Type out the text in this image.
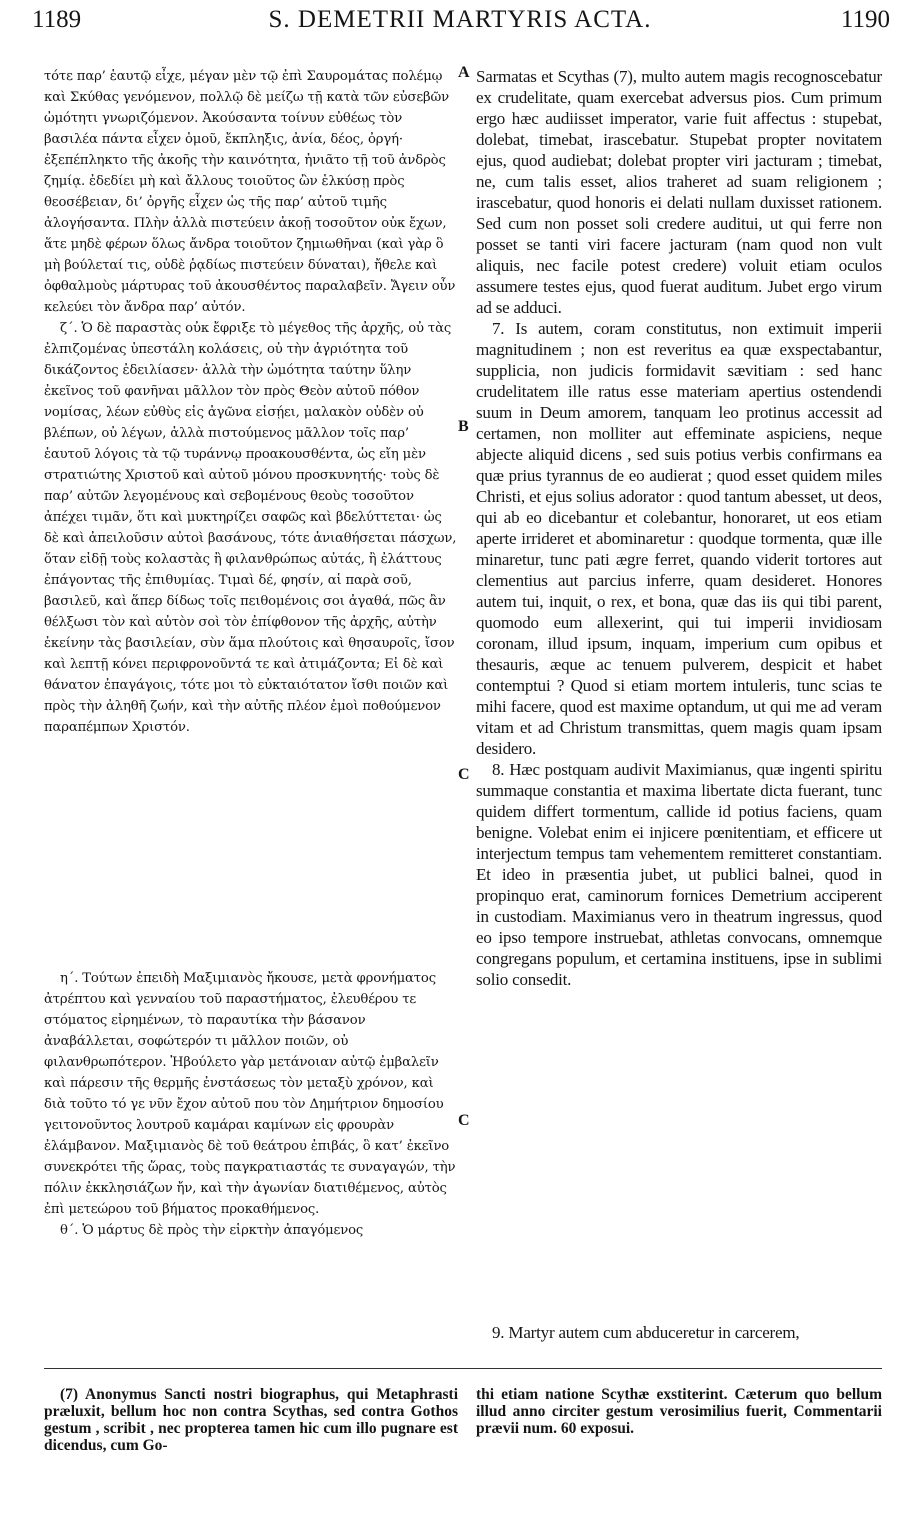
1189	S. DEMETRII MARTYRIS ACTA.	1190
A
B
C
C

τότε παρ’ ἑαυτῷ εἶχε, μέγαν μὲν τῷ ἐπὶ Σαυρομάτας πολέμῳ καὶ Σκύθας γενόμενον, πολλῷ δὲ μείζω τῇ κατὰ τῶν εὐσεβῶν ὠμότητι γνωριζόμενον. Ἀκούσαντα τοίνυν εὐθέως τὸν βασιλέα πάντα εἶχεν ὁμοῦ, ἔκπληξις, ἀνία, δέος, ὀργή· ἐξεπέπληκτο τῆς ἀκοῆς τὴν καινότητα, ἠνιᾶτο τῇ τοῦ ἀνδρὸς ζημίᾳ. ἐδεδίει μὴ καὶ ἄλλους τοιοῦτος ὢν ἑλκύσῃ πρὸς θεοσέβειαν, δι’ ὀργῆς εἶχεν ὡς τῆς παρ’ αὐτοῦ τιμῆς ἀλογήσαντα. Πλὴν ἀλλὰ πιστεύειν ἀκοῇ τοσοῦτον οὐκ ἔχων, ἅτε μηδὲ φέρων ὅλως ἄνδρα τοιοῦτον ζημιωθῆναι (καὶ γὰρ ὃ μὴ βούλεταί τις, οὐδὲ ῥᾳδίως πιστεύειν δύναται), ἤθελε καὶ ὀφθαλμοὺς μάρτυρας τοῦ ἀκουσθέντος παραλαβεῖν. Ἄγειν οὖν κελεύει τὸν ἄνδρα παρ’ αὐτόν.

ζ΄. Ὁ δὲ παραστὰς οὐκ ἔφριξε τὸ μέγεθος τῆς ἀρχῆς, οὐ τὰς ἐλπιζομένας ὑπεστάλη κολάσεις, οὐ τὴν ἀγριότητα τοῦ δικάζοντος ἐδειλίασεν· ἀλλὰ τὴν ὠμότητα ταύτην ὕλην ἐκεῖνος τοῦ φανῆναι μᾶλλον τὸν πρὸς Θεὸν αὐτοῦ πόθον νομίσας, λέων εὐθὺς εἰς ἀγῶνα εἰσῄει, μαλακὸν οὐδὲν οὐ βλέπων, οὐ λέγων, ἀλλὰ πιστούμενος μᾶλλον τοῖς παρ’ ἑαυτοῦ λόγοις τὰ τῷ τυράννῳ προακουσθέντα, ὡς εἴη μὲν στρατιώτης Χριστοῦ καὶ αὐτοῦ μόνου προσκυνητής· τοὺς δὲ παρ’ αὐτῶν λεγομένους καὶ σεβομένους θεοὺς τοσοῦτον ἀπέχει τιμᾶν, ὅτι καὶ μυκτηρίζει σαφῶς καὶ βδελύττεται· ὡς δὲ καὶ ἀπειλοῦσιν αὐτοὶ βασάνους, τότε ἀνιαθήσεται πάσχων, ὅταν εἰδῇ τοὺς κολαστὰς ἢ φιλανθρώπως αὐτάς, ἢ ἐλάττους ἐπάγοντας τῆς ἐπιθυμίας. Τιμαὶ δέ, φησίν, αἱ παρὰ σοῦ, βασιλεῦ, καὶ ἅπερ δίδως τοῖς πειθομένοις σοι ἀγαθά, πῶς ἂν θέλξωσι τὸν καὶ αὐτὸν σοὶ τὸν ἐπίφθονον τῆς ἀρχῆς, αὐτὴν ἐκείνην τὰς βασιλείαν, σὺν ἅμα πλούτοις καὶ θησαυροῖς, ἴσον καὶ λεπτῇ κόνει περιφρονοῦντά τε καὶ ἀτιμάζοντα; Εἰ δὲ καὶ θάνατον ἐπαγάγοις, τότε μοι τὸ εὐκταιότατον ἴσθι ποιῶν καὶ πρὸς τὴν ἀληθῆ ζωήν, καὶ τὴν αὐτῆς πλέον ἐμοὶ ποθούμενον παραπέμπων Χριστόν.

η΄. Τούτων ἐπειδὴ Μαξιμιανὸς ἤκουσε, μετὰ φρονήματος ἀτρέπτου καὶ γενναίου τοῦ παραστήματος, ἐλευθέρου τε στόματος εἰρημένων, τὸ παραυτίκα τὴν βάσανον ἀναβάλλεται, σοφώτερόν τι μᾶλλον ποιῶν, οὐ φιλανθρωπότερον. Ἠβούλετο γὰρ μετάνοιαν αὐτῷ ἐμβαλεῖν καὶ πάρεσιν τῆς θερμῆς ἐνστάσεως τὸν μεταξὺ χρόνον, καὶ διὰ τοῦτο τό γε νῦν ἔχον αὐτοῦ που τὸν Δημήτριον δημοσίου γειτονοῦντος λουτροῦ καμάραι καμίνων εἰς φρουρὰν ἐλάμβανον. Μαξιμιανὸς δὲ τοῦ θεάτρου ἐπιβάς, ὃ κατ’ ἐκεῖνο συνεκρότει τῆς ὥρας, τοὺς παγκρατιαστάς τε συναγαγών, τὴν πόλιν ἐκκλησιάζων ἤν, καὶ τὴν ἀγωνίαν διατιθέμενος, αὐτὸς ἐπὶ μετεώρου τοῦ βήματος προκαθήμενος.

θ΄. Ὁ μάρτυς δὲ πρὸς τὴν εἱρκτὴν ἀπαγόμενος

Sarmatas et Scythas (7), multo autem magis recognoscebatur ex crudelitate, quam exercebat adversus pios. Cum primum ergo hæc audiisset imperator, varie fuit affectus : stupebat, dolebat, timebat, irascebatur. Stupebat propter novitatem ejus, quod audiebat; dolebat propter viri jacturam ; timebat, ne, cum talis esset, alios traheret ad suam religionem ; irascebatur, quod honoris ei delati nullam duxisset rationem. Sed cum non posset soli credere auditui, ut qui ferre non posset se tanti viri facere jacturam (nam quod non vult aliquis, nec facile potest credere) voluit etiam oculos assumere testes ejus, quod fuerat auditum. Jubet ergo virum ad se adduci.

7. Is autem, coram constitutus, non extimuit imperii magnitudinem ; non est reveritus ea quæ exspectabantur, supplicia, non judicis formidavit sævitiam : sed hanc crudelitatem ille ratus esse materiam apertius ostendendi suum in Deum amorem, tanquam leo protinus accessit ad certamen, non molliter aut effeminate aspiciens, neque abjecte aliquid dicens , sed suis potius verbis confirmans ea quæ prius tyrannus de eo audierat ; quod esset quidem miles Christi, et ejus solius adorator : quod tantum abesset, ut deos, qui ab eo dicebantur et colebantur, honoraret, ut eos etiam aperte irrideret et abominaretur : quodque tormenta, quæ ille minaretur, tunc pati ægre ferret, quando viderit tortores aut clementius aut parcius inferre, quam desideret. Honores autem tui, inquit, o rex, et bona, quæ das iis qui tibi parent, quomodo eum allexerint, qui tui imperii invidiosam coronam, illud ipsum, inquam, imperium cum opibus et thesauris, æque ac tenuem pulverem, despicit et habet contemptui ? Quod si etiam mortem intuleris, tunc scias te mihi facere, quod est maxime optandum, ut qui me ad veram vitam et ad Christum transmittas, quem magis quam ipsam desidero.

8. Hæc postquam audivit Maximianus, quæ ingenti spiritu summaque constantia et maxima libertate dicta fuerant, tunc quidem differt tormentum, callide id potius faciens, quam benigne. Volebat enim ei injicere pœnitentiam, et efficere ut interjectum tempus tam vehementem remitteret constantiam. Et ideo in præsentia jubet, ut publici balnei, quod in propinquo erat, caminorum fornices Demetrium acciperent in custodiam. Maximianus vero in theatrum ingressus, quod eo ipso tempore instruebat, athletas convocans, omnemque congregans populum, et certamina instituens, ipse in sublimi solio consedit.

9. Martyr autem cum abduceretur in carcerem,

(7) Anonymus Sancti nostri biographus, qui Metaphrasti præluxit, bellum hoc non contra Scythas, sed contra Gothos gestum , scribit , nec propterea tamen hic cum illo pugnare est dicendus, cum Go-

thi etiam natione Scythæ exstiterint. Cæterum quo bellum illud anno circiter gestum verosimilius fuerit, Commentarii prævii num. 60 exposui.
